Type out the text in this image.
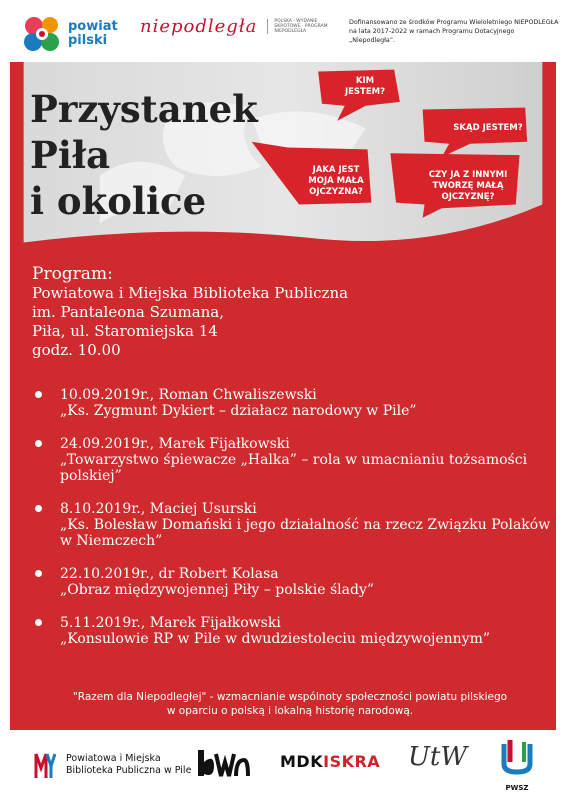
powiat
pilski
niepodległa	POLSKA · WYDANIE SKRÓTOWE · PROGRAM NIEPODLEGŁA
Dofinansowano ze środków Programu Wieloletniego NIEPODLEGŁA na lata 2017-2022 w ramach Programu Dotacyjnego „Niepodległa”.
Przystanek
Piła
i okolice
KIM
JESTEM?
SKĄD JESTEM?
JAKA JEST
MOJA MAŁA
OJCZYZNA?
CZY JA Z INNYMI
TWORZĘ MAŁĄ
OJCZYZNĘ?
Program:
Powiatowa i Miejska Biblioteka Publiczna
im. Pantaleona Szumana,
Piła, ul. Staromiejska 14
godz. 10.00
10.09.2019r., Roman Chwaliszewski
„Ks. Zygmunt Dykiert – działacz narodowy w Pile”
24.09.2019r., Marek Fijałkowski
„Towarzystwo śpiewacze „Halka” – rola w umacnianiu tożsamości polskiej”
8.10.2019r., Maciej Usurski
„Ks. Bolesław Domański i jego działalność na rzecz Związku Polaków w Niemczech”
22.10.2019r., dr Robert Kolasa
„Obraz międzywojennej Piły – polskie ślady”
5.11.2019r., Marek Fijałkowski
„Konsulowie RP w Pile w dwudziestoleciu międzywojennym”
"Razem dla Niepodległej" - wzmacnianie wspólnoty społeczności powiatu pilskiego
w oparciu o polską i lokalną historię narodową.
Powiatowa i Miejska
Biblioteka Publiczna w Pile	MDKISKRA UtW
PWSZ
